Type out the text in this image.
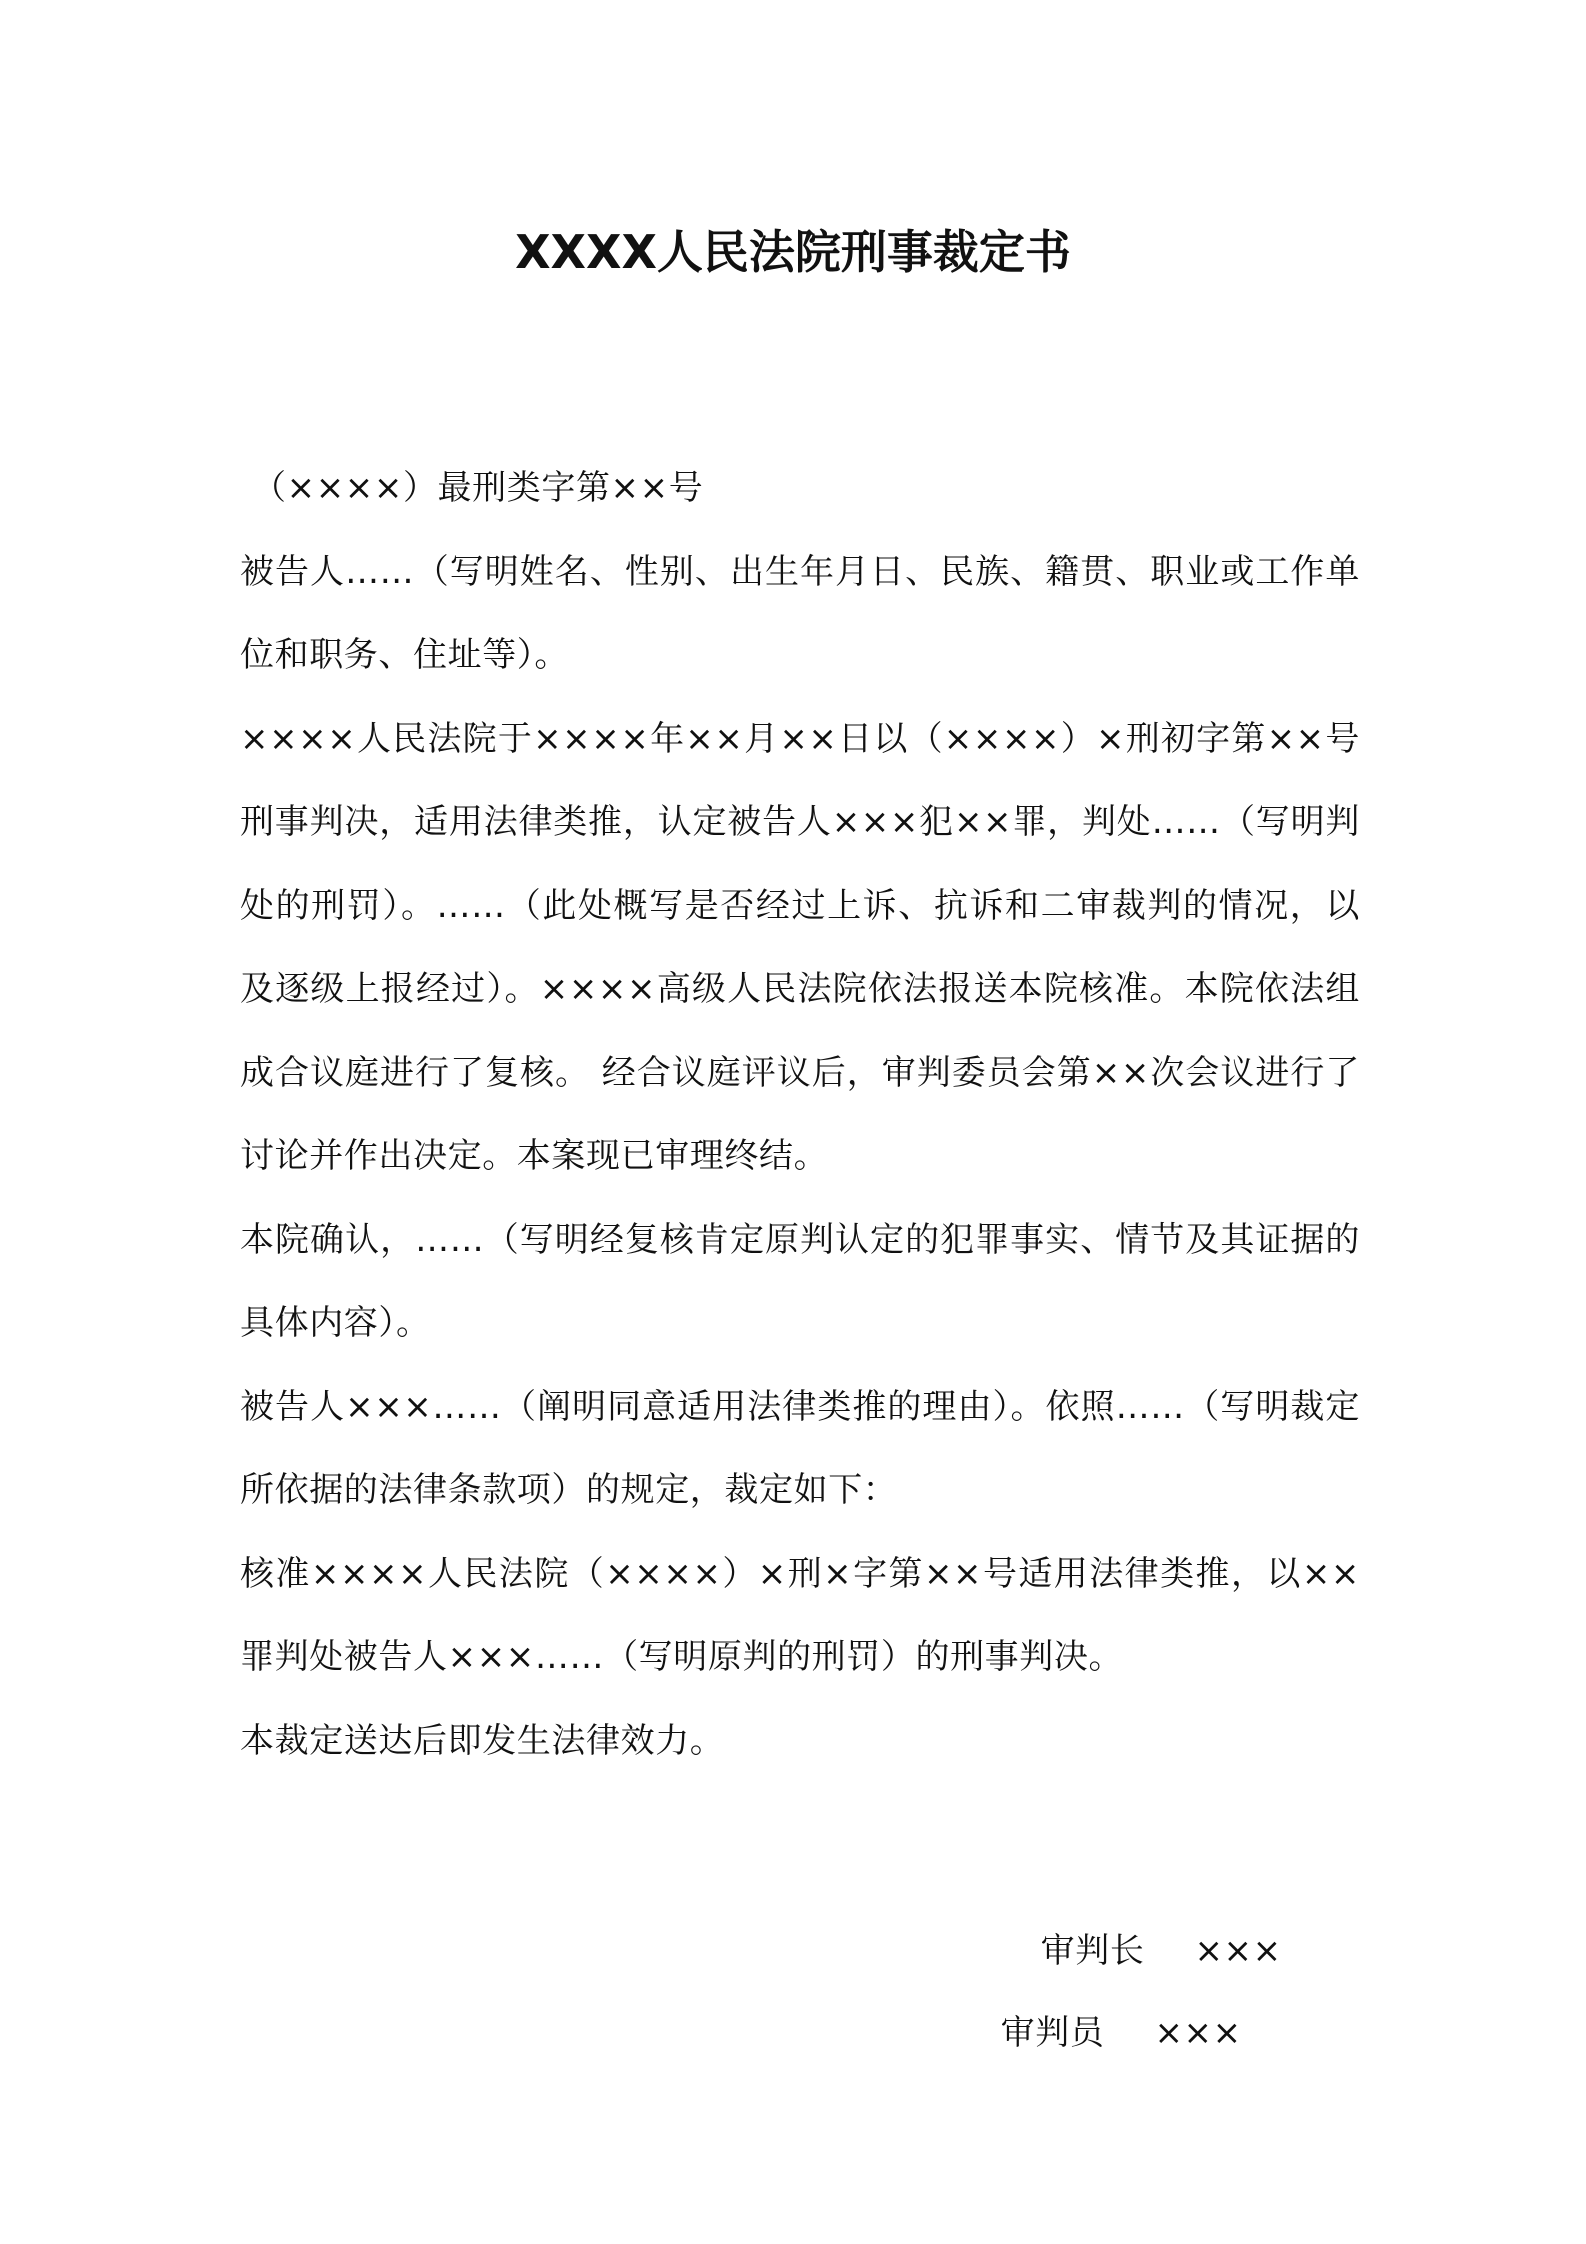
XXXX人民法院刑事裁定书

（××××）最刑类字第××号

被告人……（写明姓名、性别、出生年月日、民族、籍贯、职业或工作单位和职务、住址等）。

××××人民法院于××××年××月××日以（××××）×刑初字第××号刑事判决，适用法律类推，认定被告人×××犯××罪，判处……（写明判处的刑罚）。……（此处概写是否经过上诉、抗诉和二审裁判的情况，以及逐级上报经过）。××××高级人民法院依法报送本院核准。本院依法组成合议庭进行了复核。 经合议庭评议后，审判委员会第××次会议进行了讨论并作出决定。本案现已审理终结。

本院确认，……（写明经复核肯定原判认定的犯罪事实、情节及其证据的具体内容）。

被告人×××……（阐明同意适用法律类推的理由）。依照……（写明裁定所依据的法律条款项）的规定，裁定如下：

核准××××人民法院（××××）×刑×字第××号适用法律类推，以××罪判处被告人×××……（写明原判的刑罚）的刑事判决。

本裁定送达后即发生法律效力。

审判长 ×××

审判员 ×××
